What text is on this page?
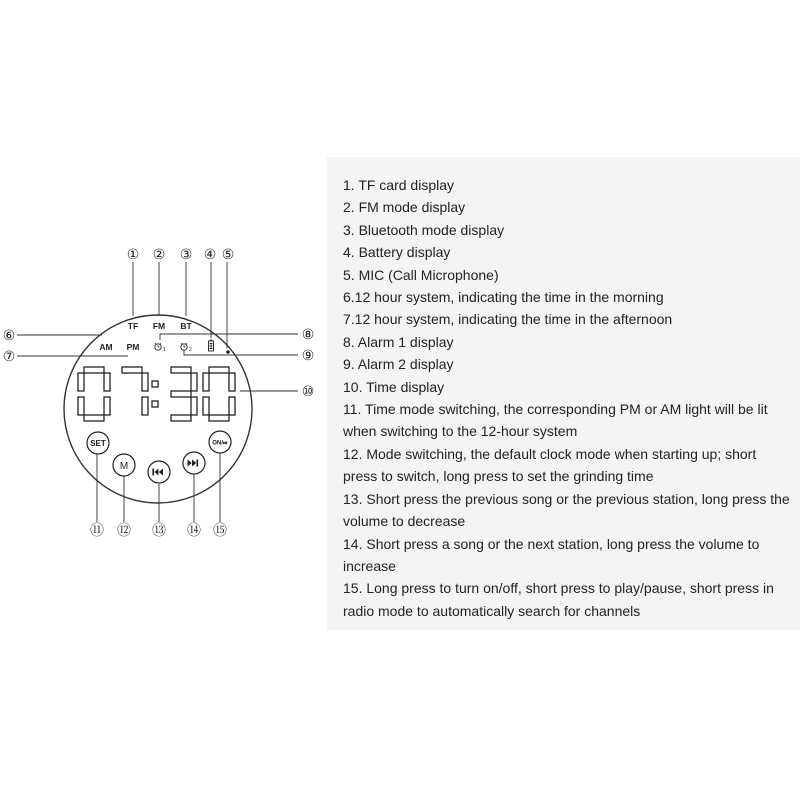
① ② ③ ④ ⑤
⑥
⑦
⑧
⑨
⑩
⑪ ⑫ ⑬ ⑭ ⑮
TF FM BT
AM PM	1	2
SET
M
ON/⏯
1. TF card display
2. FM mode display
3. Bluetooth mode display
4. Battery display
5. MIC (Call Microphone)
6.12 hour system, indicating the time in the morning
7.12 hour system, indicating the time in the afternoon
8. Alarm 1 display
9. Alarm 2 display
10. Time display
11. Time mode switching, the corresponding PM or AM light will be lit when switching to the 12-hour system
12. Mode switching, the default clock mode when starting up; short press to switch, long press to set the grinding time
13. Short press the previous song or the previous station, long press the volume to decrease
14. Short press a song or the next station, long press the volume to increase
15. Long press to turn on/off, short press to play/pause, short press in radio mode to automatically search for channels
